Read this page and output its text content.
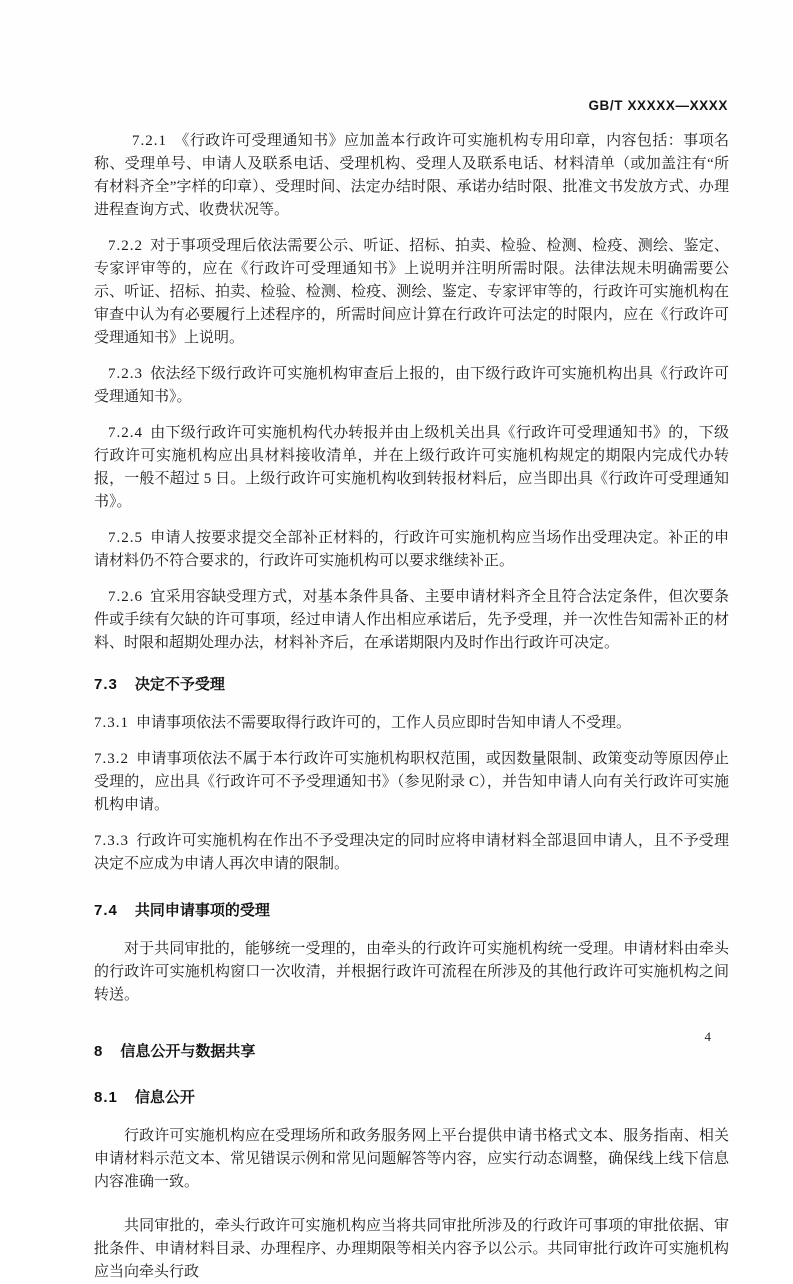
GB/T XXXXX—XXXX

7.2.1 《行政许可受理通知书》应加盖本行政许可实施机构专用印章，内容包括：事项名称、受理单号、申请人及联系电话、受理机构、受理人及联系电话、材料清单（或加盖注有“所有材料齐全”字样的印章）、受理时间、法定办结时限、承诺办结时限、批准文书发放方式、办理进程查询方式、收费状况等。

7.2.2 对于事项受理后依法需要公示、听证、招标、拍卖、检验、检测、检疫、测绘、鉴定、专家评审等的，应在《行政许可受理通知书》上说明并注明所需时限。法律法规未明确需要公示、听证、招标、拍卖、检验、检测、检疫、测绘、鉴定、专家评审等的，行政许可实施机构在审查中认为有必要履行上述程序的，所需时间应计算在行政许可法定的时限内，应在《行政许可受理通知书》上说明。

7.2.3 依法经下级行政许可实施机构审查后上报的，由下级行政许可实施机构出具《行政许可受理通知书》。

7.2.4 由下级行政许可实施机构代办转报并由上级机关出具《行政许可受理通知书》的，下级行政许可实施机构应出具材料接收清单，并在上级行政许可实施机构规定的期限内完成代办转报，一般不超过 5 日。上级行政许可实施机构收到转报材料后，应当即出具《行政许可受理通知书》。

7.2.5 申请人按要求提交全部补正材料的，行政许可实施机构应当场作出受理决定。补正的申请材料仍不符合要求的，行政许可实施机构可以要求继续补正。

7.2.6 宜采用容缺受理方式，对基本条件具备、主要申请材料齐全且符合法定条件，但次要条件或手续有欠缺的许可事项，经过申请人作出相应承诺后，先予受理，并一次性告知需补正的材料、时限和超期处理办法，材料补齐后，在承诺期限内及时作出行政许可决定。

7.3 决定不予受理

7.3.1 申请事项依法不需要取得行政许可的，工作人员应即时告知申请人不受理。

7.3.2 申请事项依法不属于本行政许可实施机构职权范围，或因数量限制、政策变动等原因停止受理的，应出具《行政许可不予受理通知书》（参见附录 C），并告知申请人向有关行政许可实施机构申请。

7.3.3 行政许可实施机构在作出不予受理决定的同时应将申请材料全部退回申请人，且不予受理决定不应成为申请人再次申请的限制。

7.4 共同申请事项的受理

对于共同审批的，能够统一受理的，由牵头的行政许可实施机构统一受理。申请材料由牵头的行政许可实施机构窗口一次收清，并根据行政许可流程在所涉及的其他行政许可实施机构之间转送。

8 信息公开与数据共享
8.1 信息公开

行政许可实施机构应在受理场所和政务服务网上平台提供申请书格式文本、服务指南、相关申请材料示范文本、常见错误示例和常见问题解答等内容，应实行动态调整，确保线上线下信息内容准确一致。

共同审批的，牵头行政许可实施机构应当将共同审批所涉及的行政许可事项的审批依据、审批条件、申请材料目录、办理程序、办理期限等相关内容予以公示。共同审批行政许可实施机构应当向牵头行政

4
